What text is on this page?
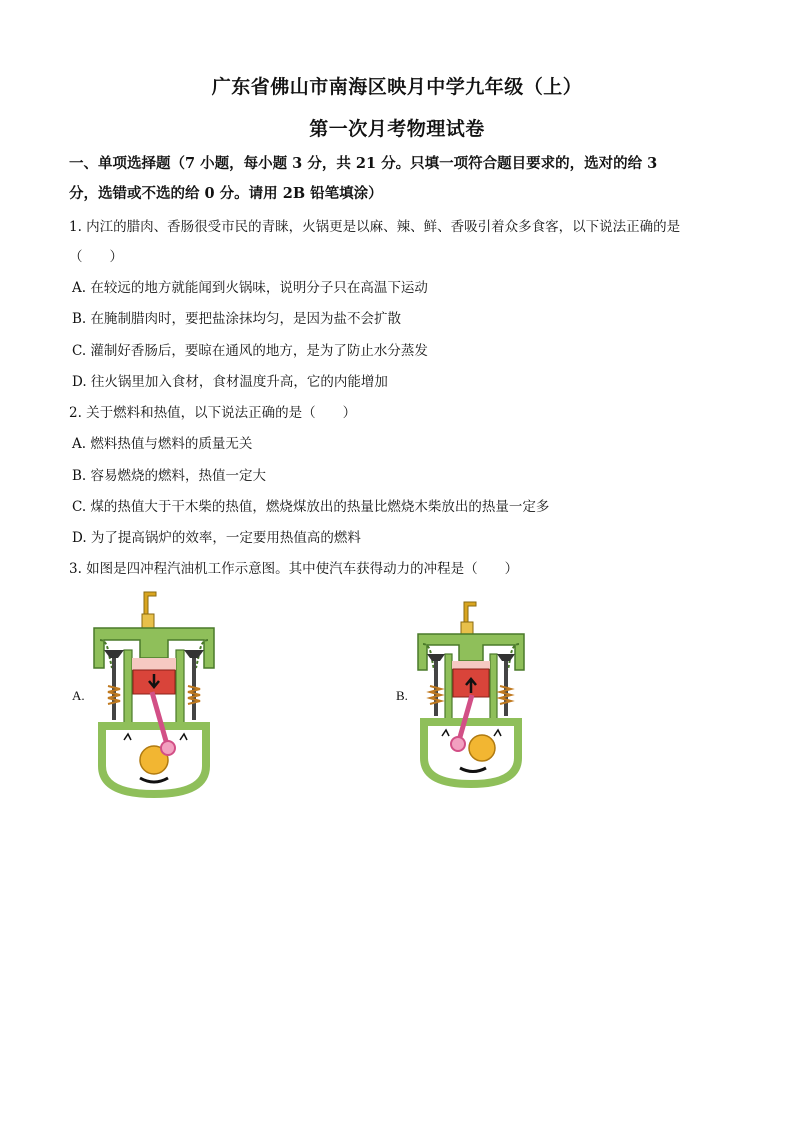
广东省佛山市南海区映月中学九年级（上）
第一次月考物理试卷
一、单项选择题（7 小题，每小题 3 分，共 21 分。只填一项符合题目要求的，选对的给 3
分，选错或不选的给 0 分。请用 2B 铅笔填涂）
1. 内江的腊肉、香肠很受市民的青睐，火锅更是以麻、辣、鲜、香吸引着众多食客，以下说法正确的是
（　　）
A. 在较远的地方就能闻到火锅味，说明分子只在高温下运动
B. 在腌制腊肉时，要把盐涂抹均匀，是因为盐不会扩散
C. 灌制好香肠后，要晾在通风的地方，是为了防止水分蒸发
D. 往火锅里加入食材，食材温度升高，它的内能增加
2. 关于燃料和热值，以下说法正确的是（　　）
A. 燃料热值与燃料的质量无关
B. 容易燃烧的燃料，热值一定大
C. 煤的热值大于干木柴的热值，燃烧煤放出的热量比燃烧木柴放出的热量一定多
D. 为了提高锅炉的效率，一定要用热值高的燃料
3. 如图是四冲程汽油机工作示意图。其中使汽车获得动力的冲程是（　　）
A.	B.
